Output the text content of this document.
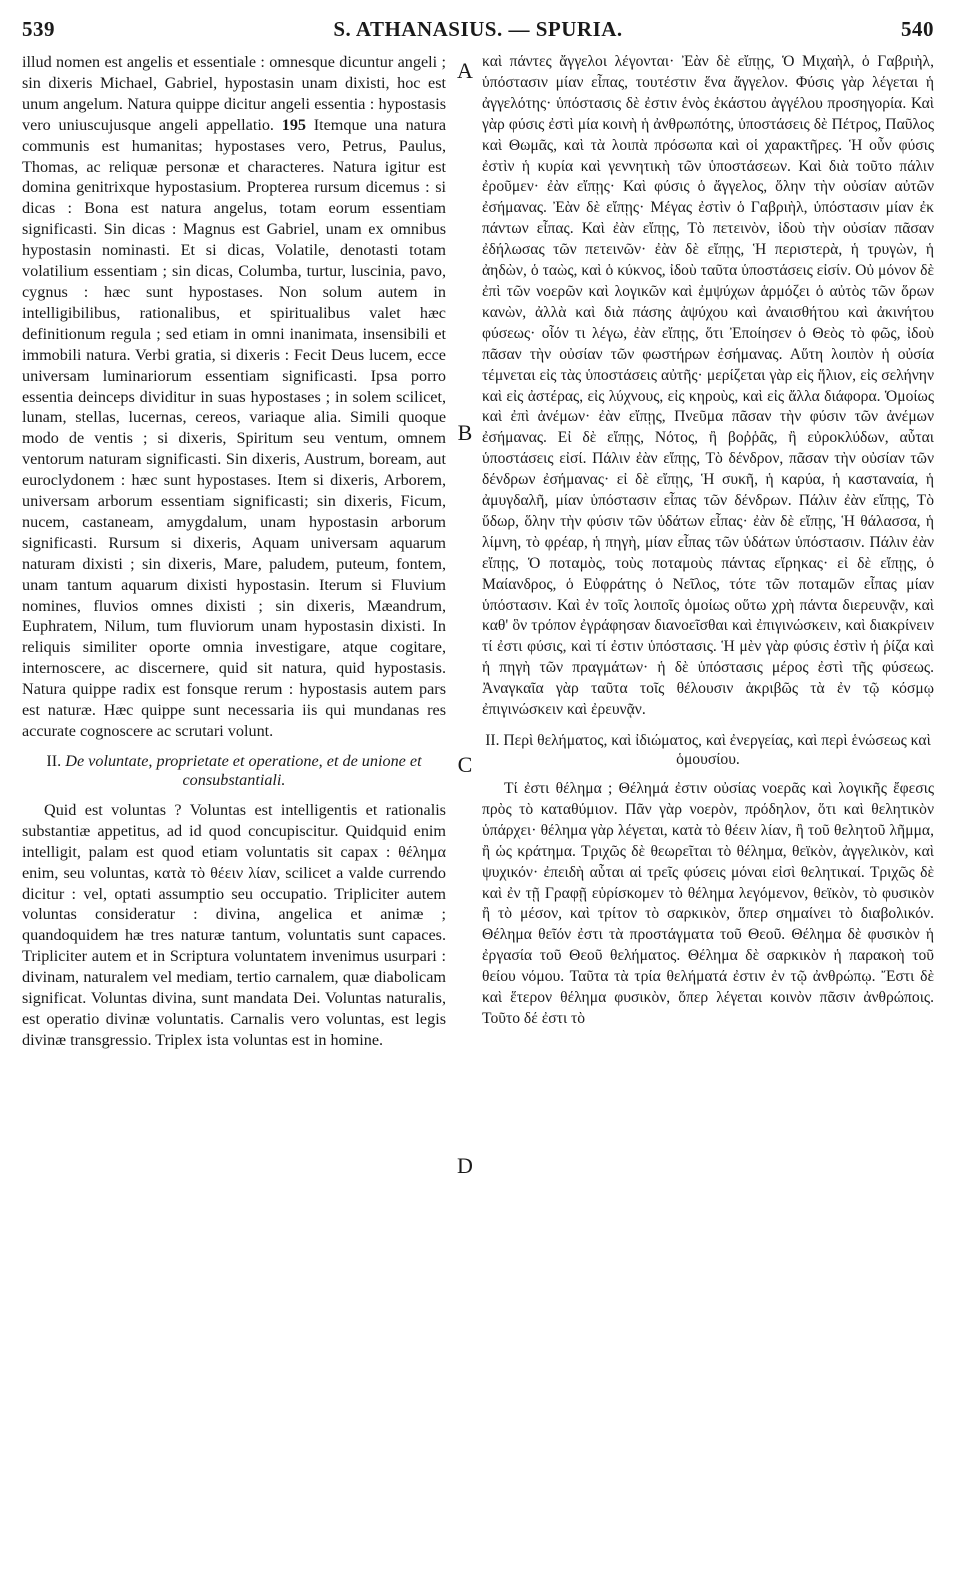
539	S. ATHANASIUS. — SPURIA.	540
A
B
C
D

illud nomen est angelis et essentiale : omnesque dicuntur angeli ; sin dixeris Michael, Gabriel, hypostasin unam dixisti, hoc est unum angelum. Natura quippe dicitur angeli essentia : hypostasis vero uniuscujusque angeli appellatio. 195 Itemque una natura communis est humanitas; hypostases vero, Petrus, Paulus, Thomas, ac reliquæ personæ et characteres. Natura igitur est domina genitrixque hypostasium. Propterea rursum dicemus : si dicas : Bona est natura angelus, totam eorum essentiam significasti. Sin dicas : Magnus est Gabriel, unam ex omnibus hypostasin nominasti. Et si dicas, Volatile, denotasti totam volatilium essentiam ; sin dicas, Columba, turtur, luscinia, pavo, cygnus : hæc sunt hypostases. Non solum autem in intelligibilibus, rationalibus, et spiritualibus valet hæc definitionum regula ; sed etiam in omni inanimata, insensibili et immobili natura. Verbi gratia, si dixeris : Fecit Deus lucem, ecce universam luminariorum essentiam significasti. Ipsa porro essentia deinceps dividitur in suas hypostases ; in solem scilicet, lunam, stellas, lucernas, cereos, variaque alia. Simili quoque modo de ventis ; si dixeris, Spiritum seu ventum, omnem ventorum naturam significasti. Sin dixeris, Austrum, boream, aut euroclydonem : hæc sunt hypostases. Item si dixeris, Arborem, universam arborum essentiam significasti; sin dixeris, Ficum, nucem, castaneam, amygdalum, unam hypostasin arborum significasti. Rursum si dixeris, Aquam universam aquarum naturam dixisti ; sin dixeris, Mare, paludem, puteum, fontem, unam tantum aquarum dixisti hypostasin. Iterum si Fluvium nomines, fluvios omnes dixisti ; sin dixeris, Mæandrum, Euphratem, Nilum, tum fluviorum unam hypostasin dixisti. In reliquis similiter oporte omnia investigare, atque cogitare, internoscere, ac discernere, quid sit natura, quid hypostasis. Natura quippe radix est fonsque rerum : hypostasis autem pars est naturæ. Hæc quippe sunt necessaria iis qui mundanas res accurate cognoscere ac scrutari volunt.

II. De voluntate, proprietate et operatione, et de unione et consubstantiali.

Quid est voluntas ? Voluntas est intelligentis et rationalis substantiæ appetitus, ad id quod concupiscitur. Quidquid enim intelligit, palam est quod etiam voluntatis sit capax : θέλημα enim, seu voluntas, κατὰ τὸ θέειν λίαν, scilicet a valde currendo dicitur : vel, optati assumptio seu occupatio. Tripliciter autem voluntas consideratur : divina, angelica et animæ ; quandoquidem hæ tres naturæ tantum, voluntatis sunt capaces. Tripliciter autem et in Scriptura voluntatem invenimus usurpari : divinam, naturalem vel mediam, tertio carnalem, quæ diabolicam significat. Voluntas divina, sunt mandata Dei. Voluntas naturalis, est operatio divinæ voluntatis. Carnalis vero voluntas, est legis divinæ transgressio. Triplex ista voluntas est in homine.

καὶ πάντες ἄγγελοι λέγονται· Ἐὰν δὲ εἴπῃς, Ὁ Μιχαὴλ, ὁ Γαβριὴλ, ὑπόστασιν μίαν εἶπας, τουτέστιν ἕνα ἄγγελον. Φύσις γὰρ λέγεται ἡ ἀγγελότης· ὑπόστασις δὲ ἐστιν ἑνὸς ἑκάστου ἀγγέλου προσηγορία. Καὶ γὰρ φύσις ἐστὶ μία κοινὴ ἡ ἀνθρωπότης, ὑποστάσεις δὲ Πέτρος, Παῦλος καὶ Θωμᾶς, καὶ τὰ λοιπὰ πρόσωπα καὶ οἱ χαρακτῆρες. Ἡ οὖν φύσις ἐστὶν ἡ κυρία καὶ γεννητικὴ τῶν ὑποστάσεων. Καὶ διὰ τοῦτο πάλιν ἐροῦμεν· ἐὰν εἴπῃς· Καὶ φύσις ὁ ἄγγελος, ὅλην τὴν οὐσίαν αὐτῶν ἐσήμανας. Ἐὰν δὲ εἴπῃς· Μέγας ἐστὶν ὁ Γαβριὴλ, ὑπόστασιν μίαν ἐκ πάντων εἶπας. Καὶ ἐὰν εἴπῃς, Τὸ πετεινὸν, ἰδοὺ τὴν οὐσίαν πᾶσαν ἐδήλωσας τῶν πετεινῶν· ἐὰν δὲ εἴπῃς, Ἡ περιστερὰ, ἡ τρυγὼν, ἡ ἀηδὼν, ὁ ταὼς, καὶ ὁ κύκνος, ἰδοὺ ταῦτα ὑποστάσεις εἰσίν. Οὐ μόνον δὲ ἐπὶ τῶν νοερῶν καὶ λογικῶν καὶ ἐμψύχων ἁρμόζει ὁ αὐτὸς τῶν ὅρων κανὼν, ἀλλὰ καὶ διὰ πάσης ἀψύχου καὶ ἀναισθήτου καὶ ἀκινήτου φύσεως· οἷόν τι λέγω, ἐὰν εἴπῃς, ὅτι Ἐποίησεν ὁ Θεὸς τὸ φῶς, ἰδοὺ πᾶσαν τὴν οὐσίαν τῶν φωστήρων ἐσήμανας. Αὕτη λοιπὸν ἡ οὐσία τέμνεται εἰς τὰς ὑποστάσεις αὐτῆς· μερίζεται γὰρ εἰς ἥλιον, εἰς σελήνην καὶ εἰς ἀστέρας, εἰς λύχνους, εἰς κηροὺς, καὶ εἰς ἄλλα διάφορα. Ὁμοίως καὶ ἐπὶ ἀνέμων· ἐὰν εἴπῃς, Πνεῦμα πᾶσαν τὴν φύσιν τῶν ἀνέμων ἐσήμανας. Εἰ δὲ εἴπῃς, Νότος, ἢ βοῤῥᾶς, ἢ εὐροκλύδων, αὗται ὑποστάσεις εἰσί. Πάλιν ἐὰν εἴπῃς, Τὸ δένδρον, πᾶσαν τὴν οὐσίαν τῶν δένδρων ἐσήμανας· εἰ δὲ εἴπῃς, Ἡ συκῆ, ἡ καρύα, ἡ κασταναία, ἡ ἀμυγδαλῆ, μίαν ὑπόστασιν εἶπας τῶν δένδρων. Πάλιν ἐὰν εἴπῃς, Τὸ ὕδωρ, ὅλην τὴν φύσιν τῶν ὑδάτων εἶπας· ἐὰν δὲ εἴπῃς, Ἡ θάλασσα, ἡ λίμνη, τὸ φρέαρ, ἡ πηγὴ, μίαν εἶπας τῶν ὑδάτων ὑπόστασιν. Πάλιν ἐὰν εἴπῃς, Ὁ ποταμὸς, τοὺς ποταμοὺς πάντας εἴρηκας· εἰ δὲ εἴπῃς, ὁ Μαίανδρος, ὁ Εὐφράτης ὁ Νεῖλος, τότε τῶν ποταμῶν εἶπας μίαν ὑπόστασιν. Καὶ ἐν τοῖς λοιποῖς ὁμοίως οὕτω χρὴ πάντα διερευνᾷν, καὶ καθ' ὃν τρόπον ἐγράφησαν διανοεῖσθαι καὶ ἐπιγινώσκειν, καὶ διακρίνειν τί ἐστι φύσις, καὶ τί ἐστιν ὑπόστασις. Ἡ μὲν γὰρ φύσις ἐστὶν ἡ ῥίζα καὶ ἡ πηγὴ τῶν πραγμάτων· ἡ δὲ ὑπόστασις μέρος ἐστὶ τῆς φύσεως. Ἀναγκαῖα γὰρ ταῦτα τοῖς θέλουσιν ἀκριβῶς τὰ ἐν τῷ κόσμῳ ἐπιγινώσκειν καὶ ἐρευνᾷν.

II. Περὶ θελήματος, καὶ ἰδιώματος, καὶ ἐνεργείας, καὶ περὶ ἑνώσεως καὶ ὁμουσίου.

Τί ἐστι θέλημα ; Θέλημά ἐστιν οὐσίας νοερᾶς καὶ λογικῆς ἔφεσις πρὸς τὸ καταθύμιον. Πᾶν γὰρ νοερὸν, πρόδηλον, ὅτι καὶ θελητικὸν ὑπάρχει· θέλημα γὰρ λέγεται, κατὰ τὸ θέειν λίαν, ἢ τοῦ θελητοῦ λῆμμα, ἢ ὡς κράτημα. Τριχῶς δὲ θεωρεῖται τὸ θέλημα, θεϊκὸν, ἀγγελικὸν, καὶ ψυχικόν· ἐπειδὴ αὗται αἱ τρεῖς φύσεις μόναι εἰσὶ θελητικαί. Τριχῶς δὲ καὶ ἐν τῇ Γραφῇ εὑρίσκομεν τὸ θέλημα λεγόμενον, θεϊκὸν, τὸ φυσικὸν ἢ τὸ μέσον, καὶ τρίτον τὸ σαρκικὸν, ὅπερ σημαίνει τὸ διαβολικόν. Θέλημα θεῖόν ἐστι τὰ προστάγματα τοῦ Θεοῦ. Θέλημα δὲ φυσικὸν ἡ ἐργασία τοῦ Θεοῦ θελήματος. Θέλημα δὲ σαρκικὸν ἡ παρακοὴ τοῦ θείου νόμου. Ταῦτα τὰ τρία θελήματά ἐστιν ἐν τῷ ἀνθρώπῳ. Ἔστι δὲ καὶ ἕτερον θέλημα φυσικὸν, ὅπερ λέγεται κοινὸν πᾶσιν ἀνθρώποις. Τοῦτο δέ ἐστι τὸ
